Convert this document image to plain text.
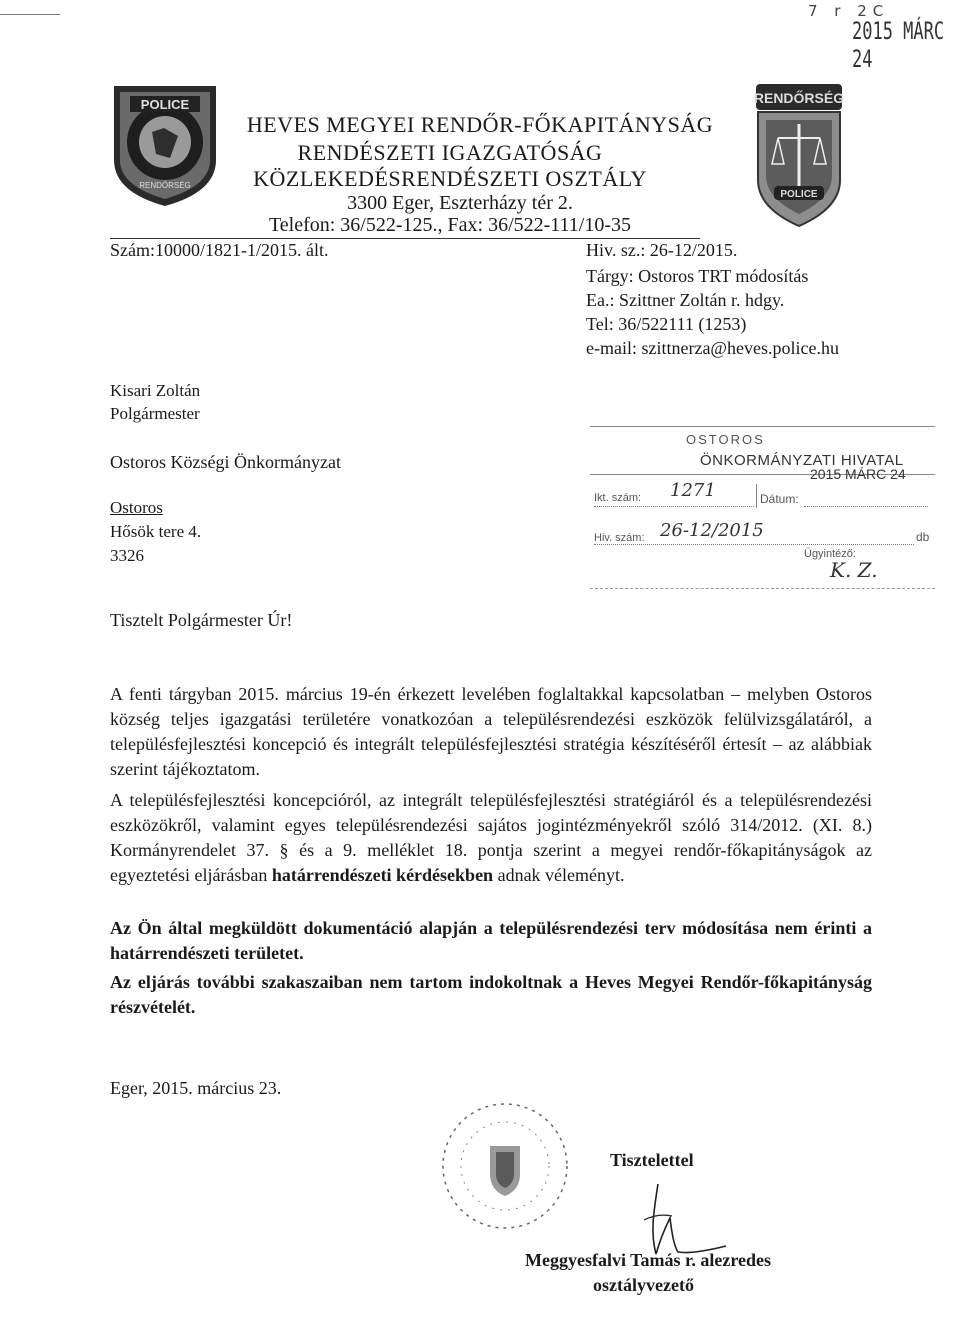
7 r 2C
2015 MÁRC 24
POLICE
RENDŐRSÉG
RENDŐRSÉG
POLICE
HEVES MEGYEI RENDŐR-FŐKAPITÁNYSÁG
RENDÉSZETI IGAZGATÓSÁG
KÖZLEKEDÉSRENDÉSZETI OSZTÁLY
3300 Eger, Eszterházy tér 2.
Telefon: 36/522-125., Fax: 36/522-111/10-35
Szám:10000/1821-1/2015. ált.	Hiv. sz.: 26-12/2015.
Tárgy: Ostoros TRT módosítás
Ea.: Szittner Zoltán r. hdgy.
Tel: 36/522111 (1253)
e-mail: szittnerza@heves.police.hu
Kisari Zoltán
Polgármester
Ostoros Községi Önkormányzat
Ostoros
Hősök tere 4.
3326
OSTOROS
ÖNKORMÁNYZATI HIVATAL
2015 MÁRC 24
Ikt. szám: 1271	Dátum:
Hiv. szám: 26-12/2015	db
Ügyintéző:
K. Z.
Tisztelt Polgármester Úr!
A fenti tárgyban 2015. március 19-én érkezett levelében foglaltakkal kapcsolatban – melyben Ostoros község teljes igazgatási területére vonatkozóan a településrendezési eszközök felülvizsgálatáról, a településfejlesztési koncepció és integrált településfejlesztési stratégia készítéséről értesít – az alábbiak szerint tájékoztatom.
A településfejlesztési koncepcióról, az integrált településfejlesztési stratégiáról és a településrendezési eszközökről, valamint egyes településrendezési sajátos jogintézményekről szóló 314/2012. (XI. 8.) Kormányrendelet 37. § és a 9. melléklet 18. pontja szerint a megyei rendőr-főkapitányságok az egyeztetési eljárásban határrendészeti kérdésekben adnak véleményt.
Az Ön által megküldött dokumentáció alapján a településrendezési terv módosítása nem érinti a határrendészeti területet.
Az eljárás további szakaszaiban nem tartom indokoltnak a Heves Megyei Rendőr-főkapitányság részvételét.
Eger, 2015. március 23.
Tisztelettel
Meggyesfalvi Tamás r. alezredes
osztályvezető
